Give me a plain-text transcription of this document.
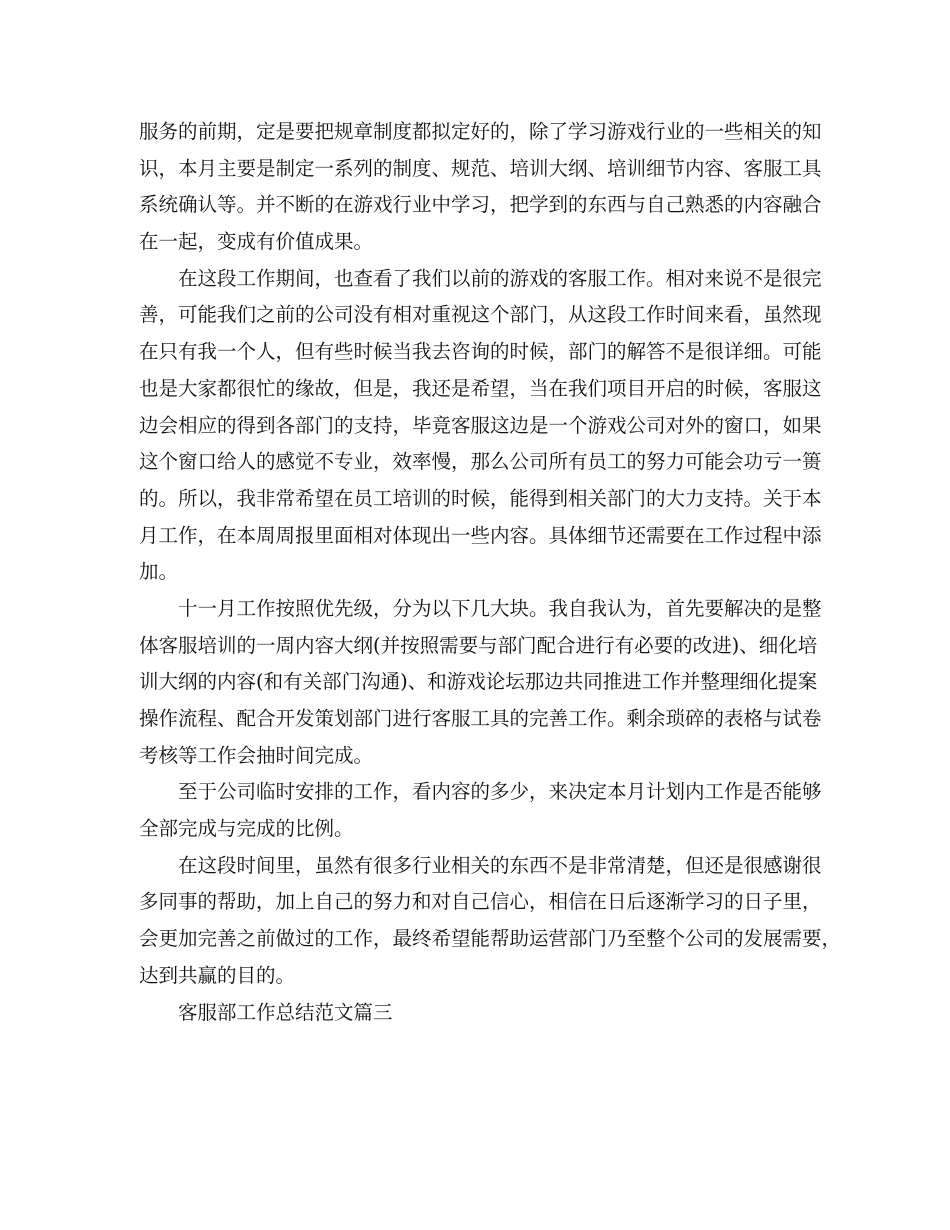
服务的前期，定是要把规章制度都拟定好的，除了学习游戏行业的一些相关的知
识，本月主要是制定一系列的制度、规范、培训大纲、培训细节内容、客服工具
系统确认等。并不断的在游戏行业中学习，把学到的东西与自己熟悉的内容融合
在一起，变成有价值成果。
在这段工作期间，也查看了我们以前的游戏的客服工作。相对来说不是很完
善，可能我们之前的公司没有相对重视这个部门，从这段工作时间来看，虽然现
在只有我一个人，但有些时候当我去咨询的时候，部门的解答不是很详细。可能
也是大家都很忙的缘故，但是，我还是希望，当在我们项目开启的时候，客服这
边会相应的得到各部门的支持，毕竟客服这边是一个游戏公司对外的窗口，如果
这个窗口给人的感觉不专业，效率慢，那么公司所有员工的努力可能会功亏一篑
的。所以，我非常希望在员工培训的时候，能得到相关部门的大力支持。关于本
月工作，在本周周报里面相对体现出一些内容。具体细节还需要在工作过程中添
加。
十一月工作按照优先级，分为以下几大块。我自我认为，首先要解决的是整
体客服培训的一周内容大纲(并按照需要与部门配合进行有必要的改进)、细化培
训大纲的内容(和有关部门沟通)、和游戏论坛那边共同推进工作并整理细化提案
操作流程、配合开发策划部门进行客服工具的完善工作。剩余琐碎的表格与试卷
考核等工作会抽时间完成。
至于公司临时安排的工作，看内容的多少，来决定本月计划内工作是否能够
全部完成与完成的比例。
在这段时间里，虽然有很多行业相关的东西不是非常清楚，但还是很感谢很
多同事的帮助，加上自己的努力和对自己信心，相信在日后逐渐学习的日子里，
会更加完善之前做过的工作，最终希望能帮助运营部门乃至整个公司的发展需要，
达到共赢的目的。
客服部工作总结范文篇三
